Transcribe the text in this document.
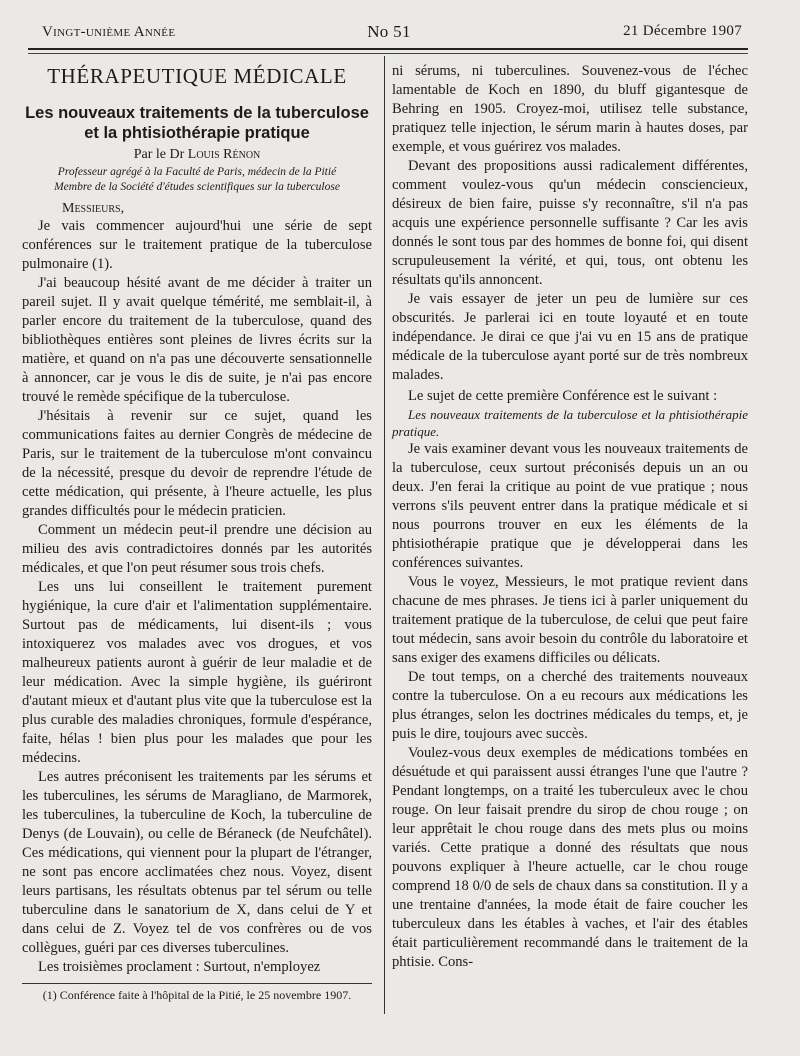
Vingt-unième Année	No 51	21 Décembre 1907
THÉRAPEUTIQUE MÉDICALE

Les nouveaux traitements de la tuberculose

et la phtisiothérapie pratique

Par le Dr Louis Rénon

Professeur agrégé à la Faculté de Paris, médecin de la Pitié

Membre de la Société d'études scientifiques sur la tuberculose

Messieurs,

Je vais commencer aujourd'hui une série de sept conférences sur le traitement pratique de la tuberculose pulmonaire (1).

J'ai beaucoup hésité avant de me décider à traiter un pareil sujet. Il y avait quelque témérité, me semblait-il, à parler encore du traitement de la tuberculose, quand des bibliothèques entières sont pleines de livres écrits sur la matière, et quand on n'a pas une découverte sensationnelle à annoncer, car je vous le dis de suite, je n'ai pas encore trouvé le remède spécifique de la tuberculose.

J'hésitais à revenir sur ce sujet, quand les communications faites au dernier Congrès de médecine de Paris, sur le traitement de la tuberculose m'ont convaincu de la nécessité, presque du devoir de reprendre l'étude de cette médication, qui présente, à l'heure actuelle, les plus grandes difficultés pour le médecin praticien.

Comment un médecin peut-il prendre une décision au milieu des avis contradictoires donnés par les autorités médicales, et que l'on peut résumer sous trois chefs.

Les uns lui conseillent le traitement purement hygiénique, la cure d'air et l'alimentation supplémentaire. Surtout pas de médicaments, lui disent-ils ; vous intoxiquerez vos malades avec vos drogues, et vos malheureux patients auront à guérir de leur maladie et de leur médication. Avec la simple hygiène, ils guériront d'autant mieux et d'autant plus vite que la tuberculose est la plus curable des maladies chroniques, formule d'espérance, faite, hélas ! bien plus pour les malades que pour les médecins.

Les autres préconisent les traitements par les sérums et les tuberculines, les sérums de Maragliano, de Marmorek, les tuberculines, la tuberculine de Koch, la tuberculine de Denys (de Louvain), ou celle de Béraneck (de Neufchâtel). Ces médications, qui viennent pour la plupart de l'étranger, ne sont pas encore acclimatées chez nous. Voyez, disent leurs partisans, les résultats obtenus par tel sérum ou telle tuberculine dans le sanatorium de X, dans celui de Y et dans celui de Z. Voyez tel de vos confrères ou de vos collègues, guéri par ces diverses tuberculines.

Les troisièmes proclament : Surtout, n'employez

(1) Conférence faite à l'hôpital de la Pitié, le 25 novembre 1907.

ni sérums, ni tuberculines. Souvenez-vous de l'échec lamentable de Koch en 1890, du bluff gigantesque de Behring en 1905. Croyez-moi, utilisez telle substance, pratiquez telle injection, le sérum marin à hautes doses, par exemple, et vous guérirez vos malades.

Devant des propositions aussi radicalement différentes, comment voulez-vous qu'un médecin consciencieux, désireux de bien faire, puisse s'y reconnaître, s'il n'a pas acquis une expérience personnelle suffisante ? Car les avis donnés le sont tous par des hommes de bonne foi, qui disent scrupuleusement la vérité, et qui, tous, ont obtenu les résultats qu'ils annoncent.

Je vais essayer de jeter un peu de lumière sur ces obscurités. Je parlerai ici en toute loyauté et en toute indépendance. Je dirai ce que j'ai vu en 15 ans de pratique médicale de la tuberculose ayant porté sur de très nombreux malades.

Le sujet de cette première Conférence est le suivant :

Les nouveaux traitements de la tuberculose et la phtisiothérapie pratique.

Je vais examiner devant vous les nouveaux traitements de la tuberculose, ceux surtout préconisés depuis un an ou deux. J'en ferai la critique au point de vue pratique ; nous verrons s'ils peuvent entrer dans la pratique médicale et si nous pourrons trouver en eux les éléments de la phtisiothérapie pratique que je développerai dans les conférences suivantes.

Vous le voyez, Messieurs, le mot pratique revient dans chacune de mes phrases. Je tiens ici à parler uniquement du traitement pratique de la tuberculose, de celui que peut faire tout médecin, sans avoir besoin du contrôle du laboratoire et sans exiger des examens difficiles ou délicats.

De tout temps, on a cherché des traitements nouveaux contre la tuberculose. On a eu recours aux médications les plus étranges, selon les doctrines médicales du temps, et, je puis le dire, toujours avec succès.

Voulez-vous deux exemples de médications tombées en désuétude et qui paraissent aussi étranges l'une que l'autre ? Pendant longtemps, on a traité les tuberculeux avec le chou rouge. On leur faisait prendre du sirop de chou rouge ; on leur apprêtait le chou rouge dans des mets plus ou moins variés. Cette pratique a donné des résultats que nous pouvons expliquer à l'heure actuelle, car le chou rouge comprend 18 0/0 de sels de chaux dans sa constitution. Il y a une trentaine d'années, la mode était de faire coucher les tuberculeux dans les étables à vaches, et l'air des étables était particulièrement recommandé dans le traitement de la phtisie. Cons-
